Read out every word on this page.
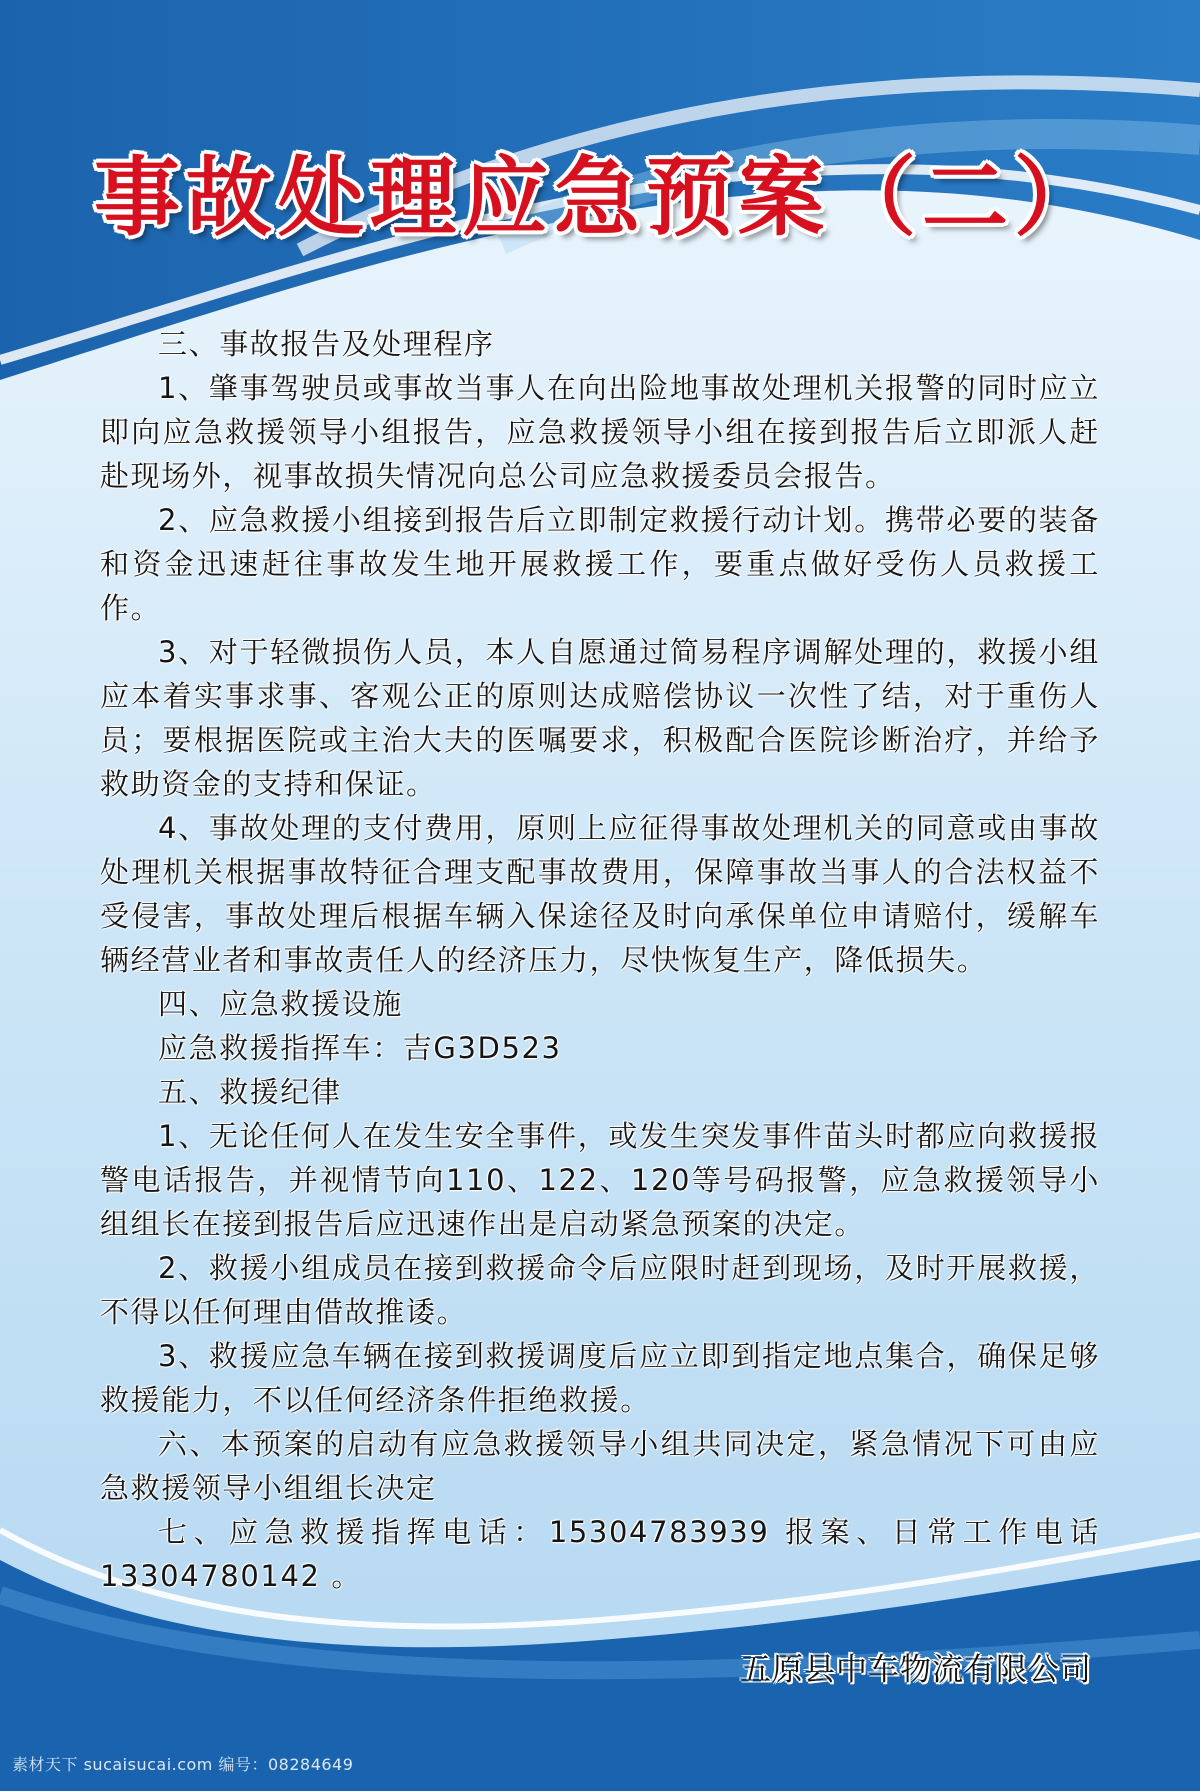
事故处理应急预案（二）

三、事故报告及处理程序

1、肇事驾驶员或事故当事人在向出险地事故处理机关报警的同时应立即向应急救援领导小组报告，应急救援领导小组在接到报告后立即派人赶赴现场外，视事故损失情况向总公司应急救援委员会报告。

2、应急救援小组接到报告后立即制定救援行动计划。携带必要的装备和资金迅速赶往事故发生地开展救援工作，要重点做好受伤人员救援工作。

3、对于轻微损伤人员，本人自愿通过简易程序调解处理的，救援小组应本着实事求事、客观公正的原则达成赔偿协议一次性了结，对于重伤人员；要根据医院或主治大夫的医嘱要求，积极配合医院诊断治疗，并给予救助资金的支持和保证。

4、事故处理的支付费用，原则上应征得事故处理机关的同意或由事故处理机关根据事故特征合理支配事故费用，保障事故当事人的合法权益不受侵害，事故处理后根据车辆入保途径及时向承保单位申请赔付，缓解车辆经营业者和事故责任人的经济压力，尽快恢复生产，降低损失。

四、应急救援设施

应急救援指挥车：吉G3D523

五、救援纪律

1、无论任何人在发生安全事件，或发生突发事件苗头时都应向救援报警电话报告，并视情节向110、122、120等号码报警，应急救援领导小组组长在接到报告后应迅速作出是启动紧急预案的决定。

2、救援小组成员在接到救援命令后应限时赶到现场，及时开展救援，不得以任何理由借故推诿。

3、救援应急车辆在接到救援调度后应立即到指定地点集合，确保足够救援能力，不以任何经济条件拒绝救援。

六、本预案的启动有应急救援领导小组共同决定，紧急情况下可由应急救援领导小组组长决定

七、应急救援指挥电话：15304783939 报案、日常工作电话13304780142 。

五原县中车物流有限公司
素材天下 sucaisucai.com 编号：08284649
